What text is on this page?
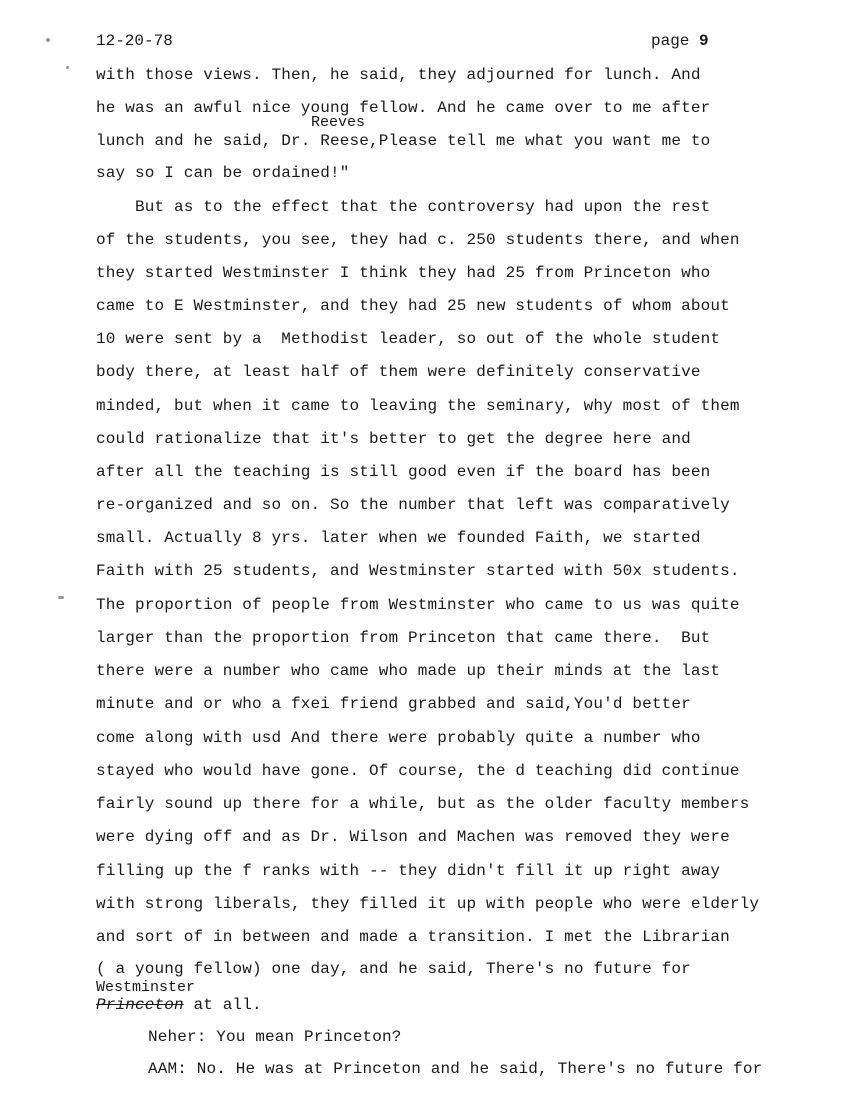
12-20-78	page 9
Reeves
with those views. Then, he said, they adjourned for lunch. And
he was an awful nice young fellow. And he came over to me after
lunch and he said, Dr. Reese,Please tell me what you want me to
say so I can be ordained!"
But as to the effect that the controversy had upon the rest
of the students, you see, they had c. 250 students there, and when
they started Westminster I think they had 25 from Princeton who
came to E Westminster, and they had 25 new students of whom about
10 were sent by a  Methodist leader, so out of the whole student
body there, at least half of them were definitely conservative
minded, but when it came to leaving the seminary, why most of them
could rationalize that it's better to get the degree here and
after all the teaching is still good even if the board has been
re-organized and so on. So the number that left was comparatively
small. Actually 8 yrs. later when we founded Faith, we started
Faith with 25 students, and Westminster started with 50x students.
The proportion of people from Westminster who came to us was quite
larger than the proportion from Princeton that came there.  But
there were a number who came who made up their minds at the last
minute and or who a fxei friend grabbed and said,You'd better
come along with usd And there were probably quite a number who
stayed who would have gone. Of course, the d teaching did continue
fairly sound up there for a while, but as the older faculty members
were dying off and as Dr. Wilson and Machen was removed they were
filling up the f ranks with -- they didn't fill it up right away
with strong liberals, they filled it up with people who were elderly
and sort of in between and made a transition. I met the Librarian
( a young fellow) one day, and he said, There's no future for
Westminster
Princeton at all.
Neher: You mean Princeton?
AAM: No. He was at Princeton and he said, There's no future for
